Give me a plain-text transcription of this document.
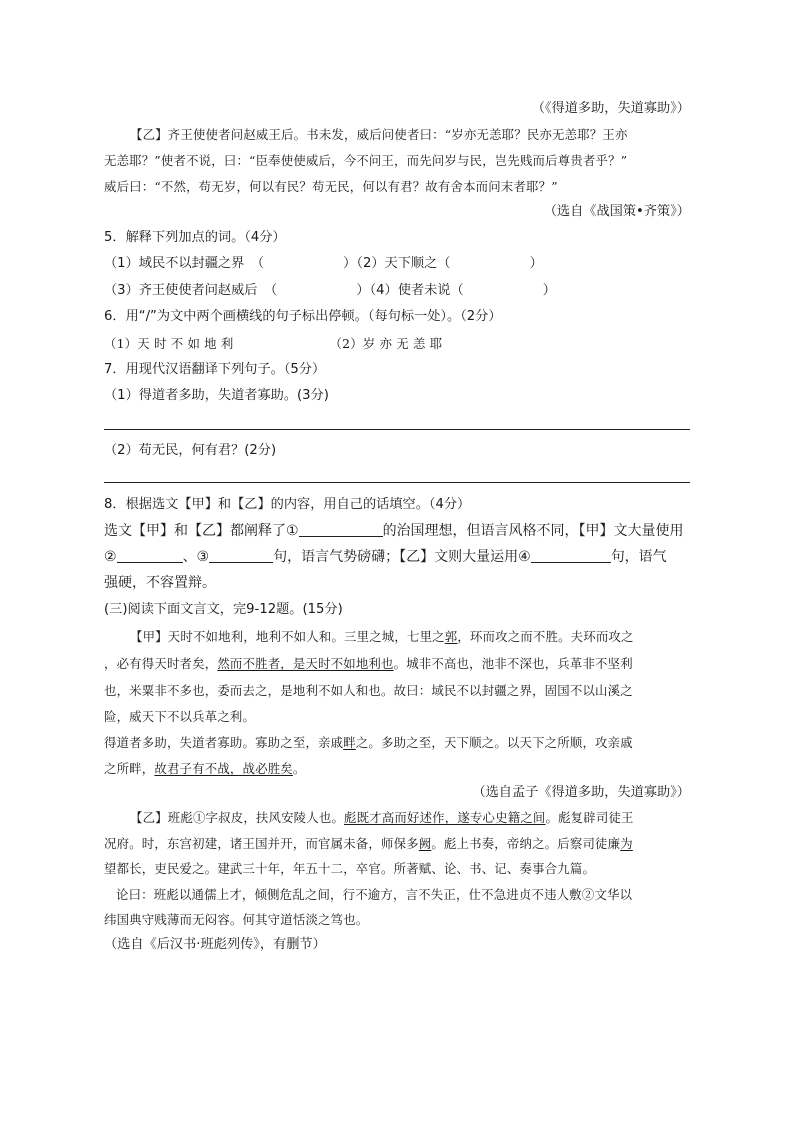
（《得道多助，失道寡助》）
【乙】齐王使使者问赵威王后。书未发，威后问使者曰：“岁亦无恙耶？民亦无恙耶？王亦
无恙耶？”使者不说，曰：“臣奉使使威后，今不问王，而先问岁与民，岂先贱而后尊贵者乎？”
威后曰：“不然，苟无岁，何以有民？苟无民，何以有君？故有舍本而问末者耶？”
（选自《战国策•齐策》）
5．解释下列加点的词。（4分）
（1）域民不以封疆之界　（　　　　　　）（2）天下顺之（　　　　　　）
（3）齐王使使者问赵威后　（　　　　　　）（4）使者未说（　　　　　　）
6．用“/”为文中两个画横线的句子标出停顿。（每句标一处）。（2分）
（1）天 时 不 如 地 利	（2）岁 亦 无 恙 耶
7．用现代汉语翻译下列句子。（5分）
（1）得道者多助，失道者寡助。(3分)
（2）苟无民，何有君？(2分)
8．根据选文【甲】和【乙】的内容，用自己的话填空。（4分）
选文【甲】和【乙】都阐释了①	的治国理想，但语言风格不同，【甲】文大量使用
②	、③	句，语言气势磅礴；【乙】文则大量运用④	句，语气
强硬，不容置辩。
(三)阅读下面文言文，完9-12题。(15分)
【甲】天时不如地利，地利不如人和。三里之城，七里之郭，环而攻之而不胜。夫环而攻之
，必有得天时者矣，然而不胜者，是天时不如地利也。城非不高也，池非不深也，兵革非不坚利
也，米粟非不多也，委而去之，是地利不如人和也。故曰：域民不以封疆之界，固国不以山溪之
险，威天下不以兵革之利。
得道者多助，失道者寡助。寡助之至，亲戚畔之。多助之至，天下顺之。以天下之所顺，攻亲戚
之所畔，故君子有不战，战必胜矣。
（选自孟子《得道多助，失道寡助》）
【乙】班彪①字叔皮，扶风安陵人也。彪既才高而好述作，遂专心史籍之间。彪复辟司徒王
况府。时，东宫初建，诸王国并开，而官属未备，师保多阙。彪上书奏，帝纳之。后察司徒廉为
望都长，吏民爱之。建武三十年，年五十二，卒官。所著赋、论、书、记、奏事合九篇。
论曰：班彪以通儒上才，倾侧危乱之间，行不逾方，言不失正，仕不急进贞不违人敷②文华以
纬国典守贱薄而无闷容。何其守道恬淡之笃也。
（选自《后汉书·班彪列传》，有删节）
